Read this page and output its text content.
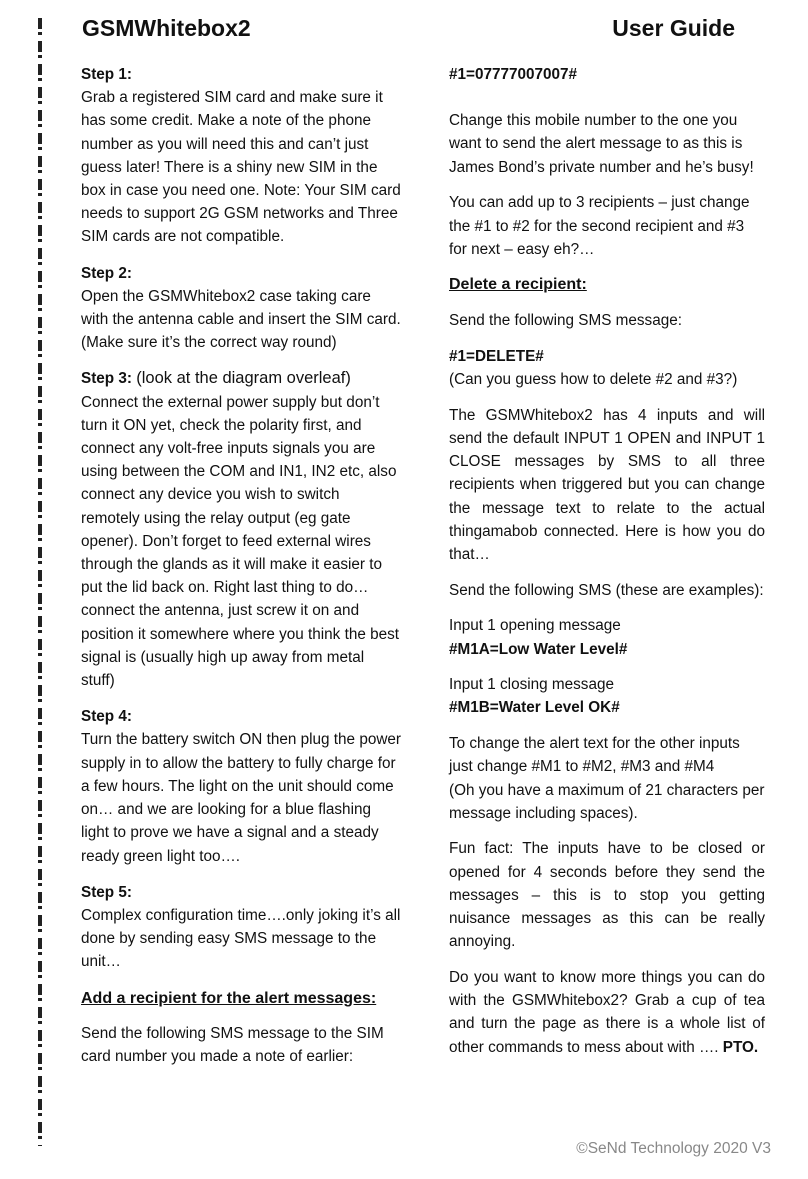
GSMWhitebox2	User Guide
Step 1:
Grab a registered SIM card and make sure it has some credit. Make a note of the phone number as you will need this and can’t just guess later! There is a shiny new SIM in the box in case you need one. Note: Your SIM card needs to support 2G GSM networks and Three SIM cards are not compatible.
Step 2:
Open the GSMWhitebox2 case taking care with the antenna cable and insert the SIM card. (Make sure it’s the correct way round)
Step 3: (look at the diagram overleaf)
Connect the external power supply but don’t turn it ON yet, check the polarity first, and connect any volt-free inputs signals you are using between the COM and IN1, IN2 etc, also connect any device you wish to switch remotely using the relay output (eg gate opener). Don’t forget to feed external wires through the glands as it will make it easier to put the lid back on. Right last thing to do… connect the antenna, just screw it on and position it somewhere where you think the best signal is (usually high up away from metal stuff)
Step 4:
Turn the battery switch ON then plug the power supply in to allow the battery to fully charge for a few hours. The light on the unit should come on… and we are looking for a blue flashing light to prove we have a signal and a steady ready green light too….
Step 5:
Complex configuration time….only joking it’s all done by sending easy SMS message to the unit…

Add a recipient for the alert messages:

Send the following SMS message to the SIM card number you made a note of earlier:

#1=07777007007#

Change this mobile number to the one you want to send the alert message to as this is James Bond’s private number and he’s busy!

You can add up to 3 recipients – just change the #1 to #2 for the second recipient and #3 for next – easy eh?…

Delete a recipient:

Send the following SMS message:

#1=DELETE#

(Can you guess how to delete #2 and #3?)

The GSMWhitebox2 has 4 inputs and will send the default INPUT 1 OPEN and INPUT 1 CLOSE messages by SMS to all three recipients when triggered but you can change the message text to relate to the actual thingamabob connected. Here is how you do that…

Send the following SMS (these are examples):

Input 1 opening message

#M1A=Low Water Level#

Input 1 closing message

#M1B=Water Level OK#

To change the alert text for the other inputs just change #M1 to #M2, #M3 and #M4

(Oh you have a maximum of 21 characters per message including spaces).

Fun fact: The inputs have to be closed or opened for 4 seconds before they send the messages – this is to stop you getting nuisance messages as this can be really annoying.

Do you want to know more things you can do with the GSMWhitebox2? Grab a cup of tea and turn the page as there is a whole list of other commands to mess about with …. PTO.

©SeNd Technology 2020 V3
